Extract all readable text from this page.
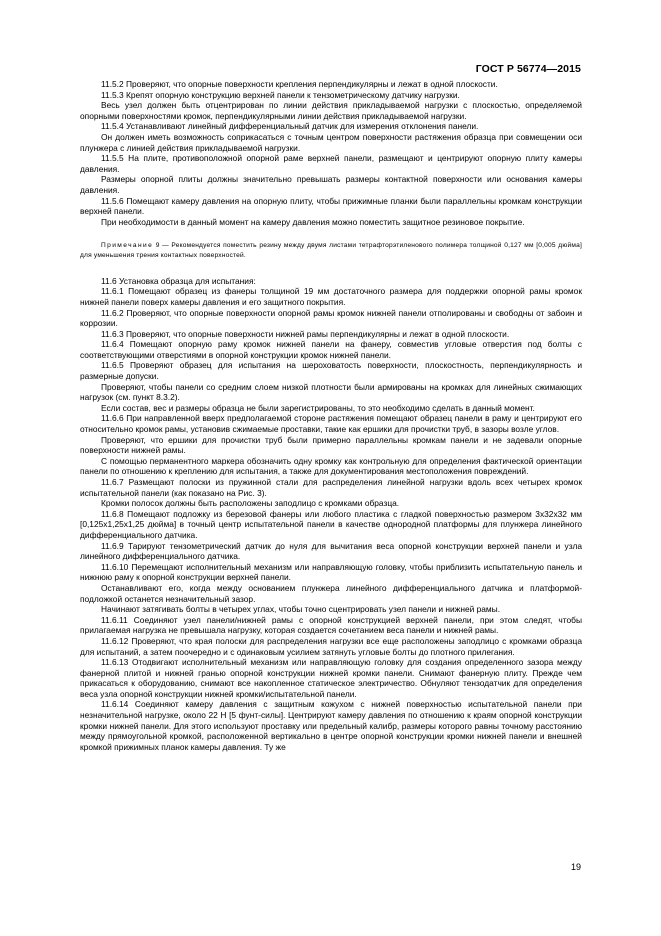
ГОСТ Р 56774—2015

11.5.2 Проверяют, что опорные поверхности крепления перпендикулярны и лежат в одной плоскости.

11.5.3 Крепят опорную конструкцию верхней панели к тензометрическому датчику нагрузки.

Весь узел должен быть отцентрирован по линии действия прикладываемой нагрузки с плоскостью, определяемой опорными поверхностями кромок, перпендикулярными линии действия прикладываемой нагрузки.

11.5.4 Устанавливают линейный дифференциальный датчик для измерения отклонения панели.

Он должен иметь возможность соприкасаться с точным центром поверхности растяжения образца при совмещении оси плунжера с линией действия прикладываемой нагрузки.

11.5.5 На плите, противоположной опорной раме верхней панели, размещают и центрируют опорную плиту камеры давления.

Размеры опорной плиты должны значительно превышать размеры контактной поверхности или основания камеры давления.

11.5.6 Помещают камеру давления на опорную плиту, чтобы прижимные планки были параллельны кромкам конструкции верхней панели.

При необходимости в данный момент на камеру давления можно поместить защитное резиновое покрытие.

Примечание 9 — Рекомендуется поместить резину между двумя листами тетрафторэтиленового полимера толщиной 0,127 мм [0,005 дюйма] для уменьшения трения контактных поверхностей.

11.6 Установка образца для испытания:

11.6.1 Помещают образец из фанеры толщиной 19 мм достаточного размера для поддержки опорной рамы кромок нижней панели поверх камеры давления и его защитного покрытия.

11.6.2 Проверяют, что опорные поверхности опорной рамы кромок нижней панели отполированы и свободны от забоин и коррозии.

11.6.3 Проверяют, что опорные поверхности нижней рамы перпендикулярны и лежат в одной плоскости.

11.6.4 Помещают опорную раму кромок нижней панели на фанеру, совместив угловые отверстия под болты с соответствующими отверстиями в опорной конструкции кромок нижней панели.

11.6.5 Проверяют образец для испытания на шероховатость поверхности, плоскостность, перпендикулярность и размерные допуски.

Проверяют, чтобы панели со средним слоем низкой плотности были армированы на кромках для линейных сжимающих нагрузок (см. пункт 8.3.2).

Если состав, вес и размеры образца не были зарегистрированы, то это необходимо сделать в данный момент.

11.6.6 При направленной вверх предполагаемой стороне растяжения помещают образец панели в раму и центрируют его относительно кромок рамы, установив сжимаемые проставки, такие как ершики для прочистки труб, в зазоры возле углов.

Проверяют, что ершики для прочистки труб были примерно параллельны кромкам панели и не задевали опорные поверхности нижней рамы.

С помощью перманентного маркера обозначить одну кромку как контрольную для определения фактической ориентации панели по отношению к креплению для испытания, а также для документирования местоположения повреждений.

11.6.7 Размещают полоски из пружинной стали для распределения линейной нагрузки вдоль всех четырех кромок испытательной панели (как показано на Рис. 3).

Кромки полосок должны быть расположены заподлицо с кромками образца.

11.6.8 Помещают подложку из березовой фанеры или любого пластика с гладкой поверхностью размером 3х32х32 мм [0,125х1,25х1,25 дюйма] в точный центр испытательной панели в качестве однородной платформы для плунжера линейного дифференциального датчика.

11.6.9 Тарируют тензометрический датчик до нуля для вычитания веса опорной конструкции верхней панели и узла линейного дифференциального датчика.

11.6.10 Перемещают исполнительный механизм или направляющую головку, чтобы приблизить испытательную панель и нижнюю раму к опорной конструкции верхней панели.

Останавливают его, когда между основанием плунжера линейного дифференциального датчика и платформой-подложкой останется незначительный зазор.

Начинают затягивать болты в четырех углах, чтобы точно сцентрировать узел панели и нижней рамы.

11.6.11 Соединяют узел панели/нижней рамы с опорной конструкцией верхней панели, при этом следят, чтобы прилагаемая нагрузка не превышала нагрузку, которая создается сочетанием веса панели и нижней рамы.

11.6.12 Проверяют, что края полоски для распределения нагрузки все еще расположены заподлицо с кромками образца для испытаний, а затем поочередно и с одинаковым усилием затянуть угловые болты до плотного прилегания.

11.6.13 Отодвигают исполнительный механизм или направляющую головку для создания определенного зазора между фанерной плитой и нижней гранью опорной конструкции нижней кромки панели. Снимают фанерную плиту. Прежде чем прикасаться к оборудованию, снимают все накопленное статическое электричество. Обнуляют тензодатчик для определения веса узла опорной конструкции нижней кромки/испытательной панели.

11.6.14 Соединяют камеру давления с защитным кожухом с нижней поверхностью испытательной панели при незначительной нагрузке, около 22 Н [5 фунт-силы]. Центрируют камеру давления по отношению к краям опорной конструкции кромки нижней панели. Для этого используют проставку или предельный калибр, размеры которого равны точному расстоянию между прямоугольной кромкой, расположенной вертикально в центре опорной конструкции кромки нижней панели и внешней кромкой прижимных планок камеры давления. Ту же

19
